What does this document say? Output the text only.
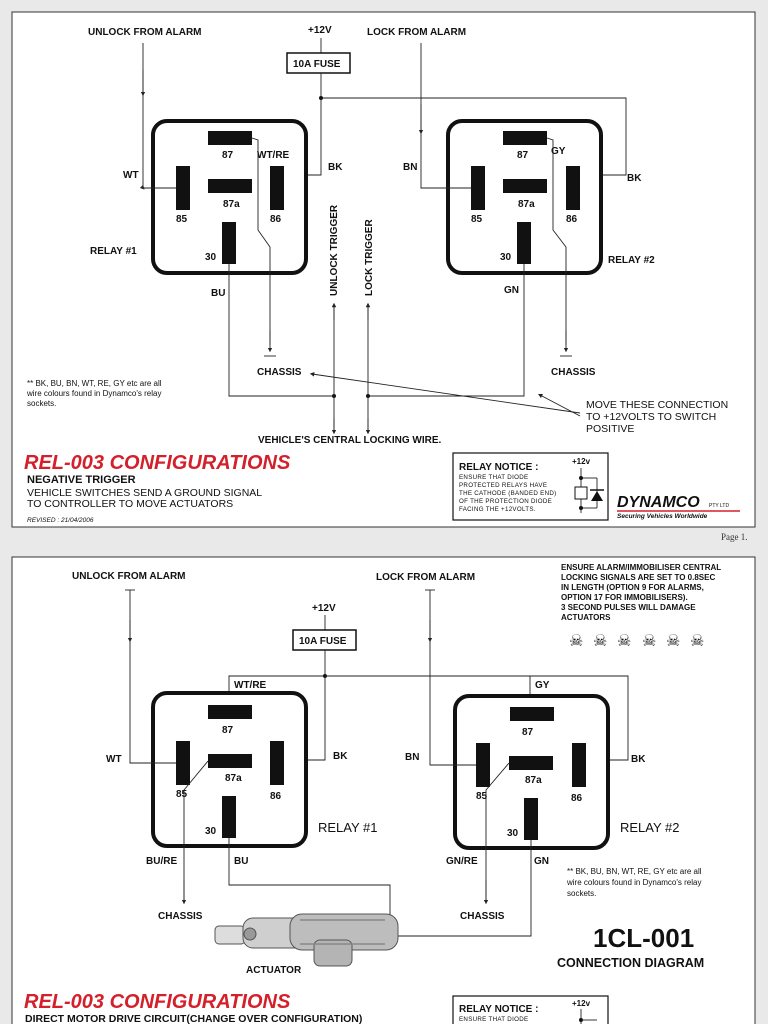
UNLOCK FROM ALARM	LOCK FROM ALARM
+12V
10A FUSE
87
85
87a
86
30
WT/RE
WT
BK
RELAY #1
BU
87
85
87a
86
30
GY
BN
BK
RELAY #2
GN
CHASSIS	CHASSIS
UNLOCK TRIGGER LOCK TRIGGER
VEHICLE'S CENTRAL LOCKING WIRE.
** BK, BU, BN, WT, RE, GY etc are all
wire colours found in Dynamco's relay
sockets.	MOVE THESE CONNECTION
TO +12VOLTS TO SWITCH
POSITIVE
REL-003 CONFIGURATIONS
NEGATIVE TRIGGER
VEHICLE SWITCHES SEND A GROUND SIGNAL
TO CONTROLLER TO MOVE ACTUATORS
REVISED : 21/04/2006
RELAY NOTICE :
+12v
ENSURE THAT DIODE
PROTECTED RELAYS HAVE
THE CATHODE (BANDED END)
OF THE PROTECTION DIODE
FACING THE +12VOLTS.	DYNAMCO PTY LTD
Securing Vehicles Worldwide
Page 1.
UNLOCK FROM ALARM	LOCK FROM ALARM
+12V
10A FUSE
ENSURE ALARM/IMMOBILISER CENTRAL
LOCKING SIGNALS ARE SET TO 0.8SEC
IN LENGTH (OPTION 9 FOR ALARMS,
OPTION 17 FOR IMMOBILISERS).
3 SECOND PULSES WILL DAMAGE
ACTUATORS
☠ ☠ ☠ ☠ ☠ ☠
WT/RE	GY
87
85
87a
86
30
WT	BK
RELAY #1
BU/RE	BU
87
85
87a
86
30
BN	BK
RELAY #2
GN/RE	GN
CHASSIS	CHASSIS
ACTUATOR
** BK, BU, BN, WT, RE, GY etc are all
wire colours found in Dynamco's relay
sockets.
1CL-001
CONNECTION DIAGRAM
REL-003 CONFIGURATIONS
DIRECT MOTOR DRIVE CIRCUIT(CHANGE OVER CONFIGURATION)
RELAY NOTICE :
+12v
ENSURE THAT DIODE
